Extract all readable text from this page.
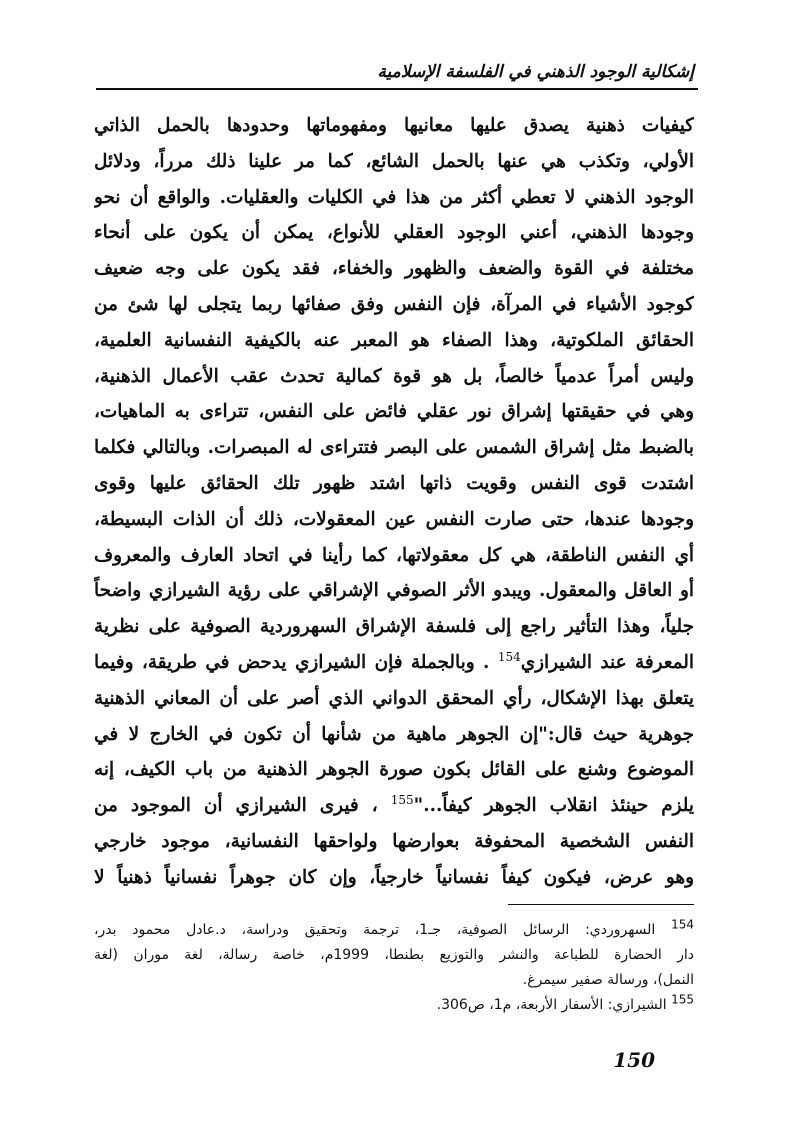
إشكالية الوجود الذهني في الفلسفة الإسلامية
كيفيات ذهنية يصدق عليها معانيها ومفهوماتها وحدودها بالحمل الذاتي
الأولي، وتكذب هي عنها بالحمل الشائع، كما مر علينا ذلك مرراً، ودلائل
الوجود الذهني لا تعطي أكثر من هذا في الكليات والعقليات. والواقع أن نحو
وجودها الذهني، أعني الوجود العقلي للأنواع، يمكن أن يكون على أنحاء
مختلفة في القوة والضعف والظهور والخفاء، فقد يكون على وجه ضعيف
كوجود الأشياء في المرآة، فإن النفس وفق صفائها ربما يتجلى لها شئ من
الحقائق الملكوتية، وهذا الصفاء هو المعبر عنه بالكيفية النفسانية العلمية،
وليس أمراً عدمياً خالصاً، بل هو قوة كمالية تحدث عقب الأعمال الذهنية،
وهي في حقيقتها إشراق نور عقلي فائض على النفس، تتراءى به الماهيات،
بالضبط مثل إشراق الشمس على البصر فتتراءى له المبصرات. وبالتالي فكلما
اشتدت قوى النفس وقويت ذاتها اشتد ظهور تلك الحقائق عليها وقوى
وجودها عندها، حتى صارت النفس عين المعقولات، ذلك أن الذات البسيطة،
أي النفس الناطقة، هي كل معقولاتها، كما رأينا في اتحاد العارف والمعروف
أو العاقل والمعقول. ويبدو الأثر الصوفي الإشراقي على رؤية الشيرازي واضحاً
جلياً، وهذا التأثير راجع إلى فلسفة الإشراق السهروردية الصوفية على نظرية
المعرفة عند الشيرازي$^{154}$ . وبالجملة فإن الشيرازي يدحض في طريقة، وفيما
يتعلق بهذا الإشكال، رأي المحقق الدواني الذي أصر على أن المعاني الذهنية
جوهرية حيث قال:"إن الجوهر ماهية من شأنها أن تكون في الخارج لا في
الموضوع وشنع على القائل بكون صورة الجوهر الذهنية من باب الكيف، إنه
يلزم حينئذ انقلاب الجوهر كيفاً..."$^{155}$ ، فيرى الشيرازي أن الموجود من
النفس الشخصية المحفوفة بعوارضها ولواحقها النفسانية، موجود خارجي
وهو عرض، فيكون كيفاً نفسانياً خارجياً، وإن كان جوهراً نفسانياً ذهنياً لا
$^{154}$ السهروردي: الرسائل الصوفية، جـ1، ترجمة وتحقيق ودراسة، د.عادل محمود بدر،
دار الحضارة للطباعة والنشر والتوزيع بطنطا، 1999م، خاصة رسالة، لغة موران (لغة
النمل)، ورسالة صفير سيمرغ.
$^{155}$ الشيرازي: الأسفار الأربعة، م1، ص306.
150
